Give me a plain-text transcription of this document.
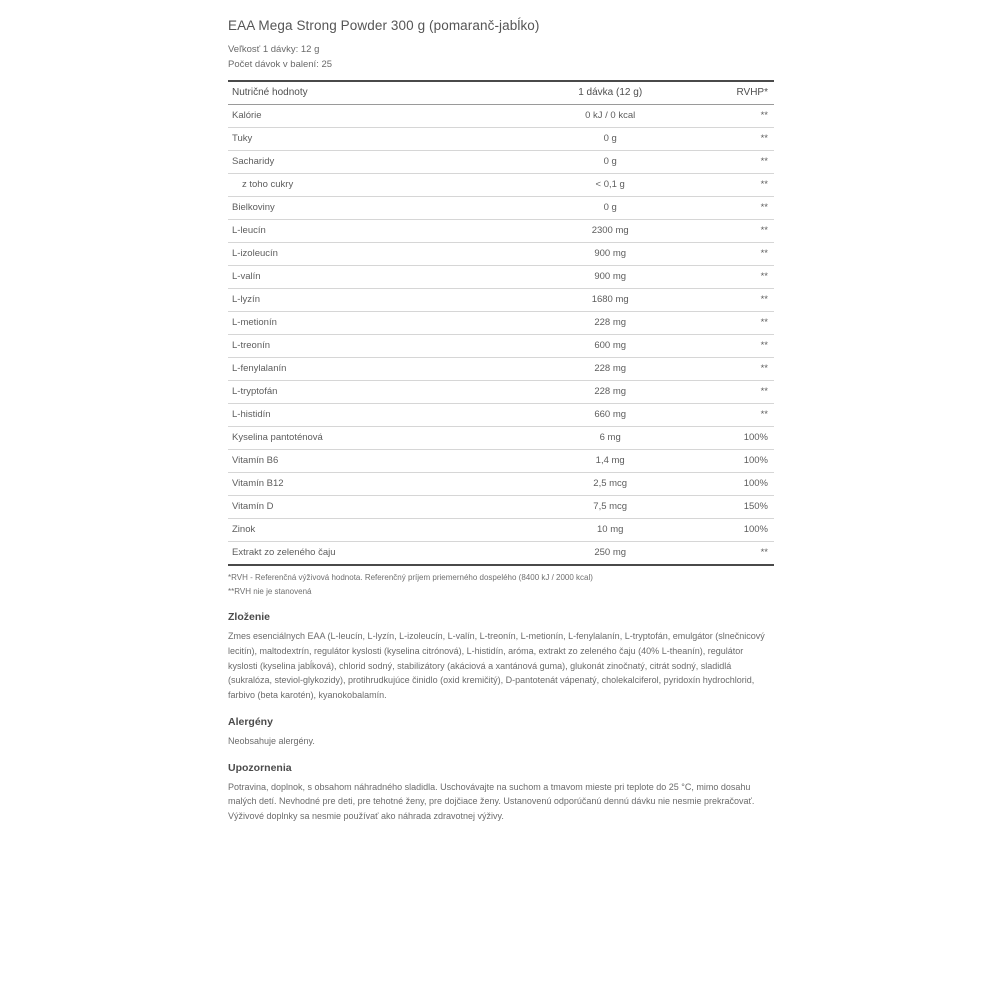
EAA Mega Strong Powder 300 g (pomaranč-jabĺko)
Veľkosť 1 dávky: 12 g
Počet dávok v balení: 25
Nutričné hodnoty	1 dávka (12 g)	RVHP*
Kalórie	0 kJ / 0 kcal	**
Tuky	0 g	**
Sacharidy	0 g	**
z toho cukry	< 0,1 g	**
Bielkoviny	0 g	**
L-leucín	2300 mg	**
L-izoleucín	900 mg	**
L-valín	900 mg	**
L-lyzín	1680 mg	**
L-metionín	228 mg	**
L-treonín	600 mg	**
L-fenylalanín	228 mg	**
L-tryptofán	228 mg	**
L-histidín	660 mg	**
Kyselina pantoténová	6 mg	100%
Vitamín B6	1,4 mg	100%
Vitamín B12	2,5 mcg	100%
Vitamín D	7,5 mcg	150%
Zinok	10 mg	100%
Extrakt zo zeleného čaju	250 mg	**
*RVH - Referenčná výživová hodnota. Referenčný príjem priemerného dospelého (8400 kJ / 2000 kcal)
**RVH nie je stanovená
Zloženie

Zmes esenciálnych EAA (L-leucín, L-lyzín, L-izoleucín, L-valín, L-treonín, L-metionín, L-fenylalanín, L-tryptofán, emulgátor (slnečnicový lecitín), maltodextrín, regulátor kyslosti (kyselina citrónová), L-histidín, aróma, extrakt zo zeleného čaju (40% L-theanín), regulátor kyslosti (kyselina jabĺková), chlorid sodný, stabilizátory (akáciová a xantánová guma), glukonát zinočnatý, citrát sodný, sladidlá (sukralóza, steviol-glykozidy), protihrudkujúce činidlo (oxid kremičitý), D-pantotenát vápenatý, cholekalciferol, pyridoxín hydrochlorid, farbivo (beta karotén), kyanokobalamín.

Alergény

Neobsahuje alergény.

Upozornenia

Potravina, doplnok, s obsahom náhradného sladidla. Uschovávajte na suchom a tmavom mieste pri teplote do 25 °C, mimo dosahu malých detí. Nevhodné pre deti, pre tehotné ženy, pre dojčiace ženy. Ustanovenú odporúčanú dennú dávku nie nesmie prekračovať. Výživové doplnky sa nesmie používať ako náhrada zdravotnej výživy.
